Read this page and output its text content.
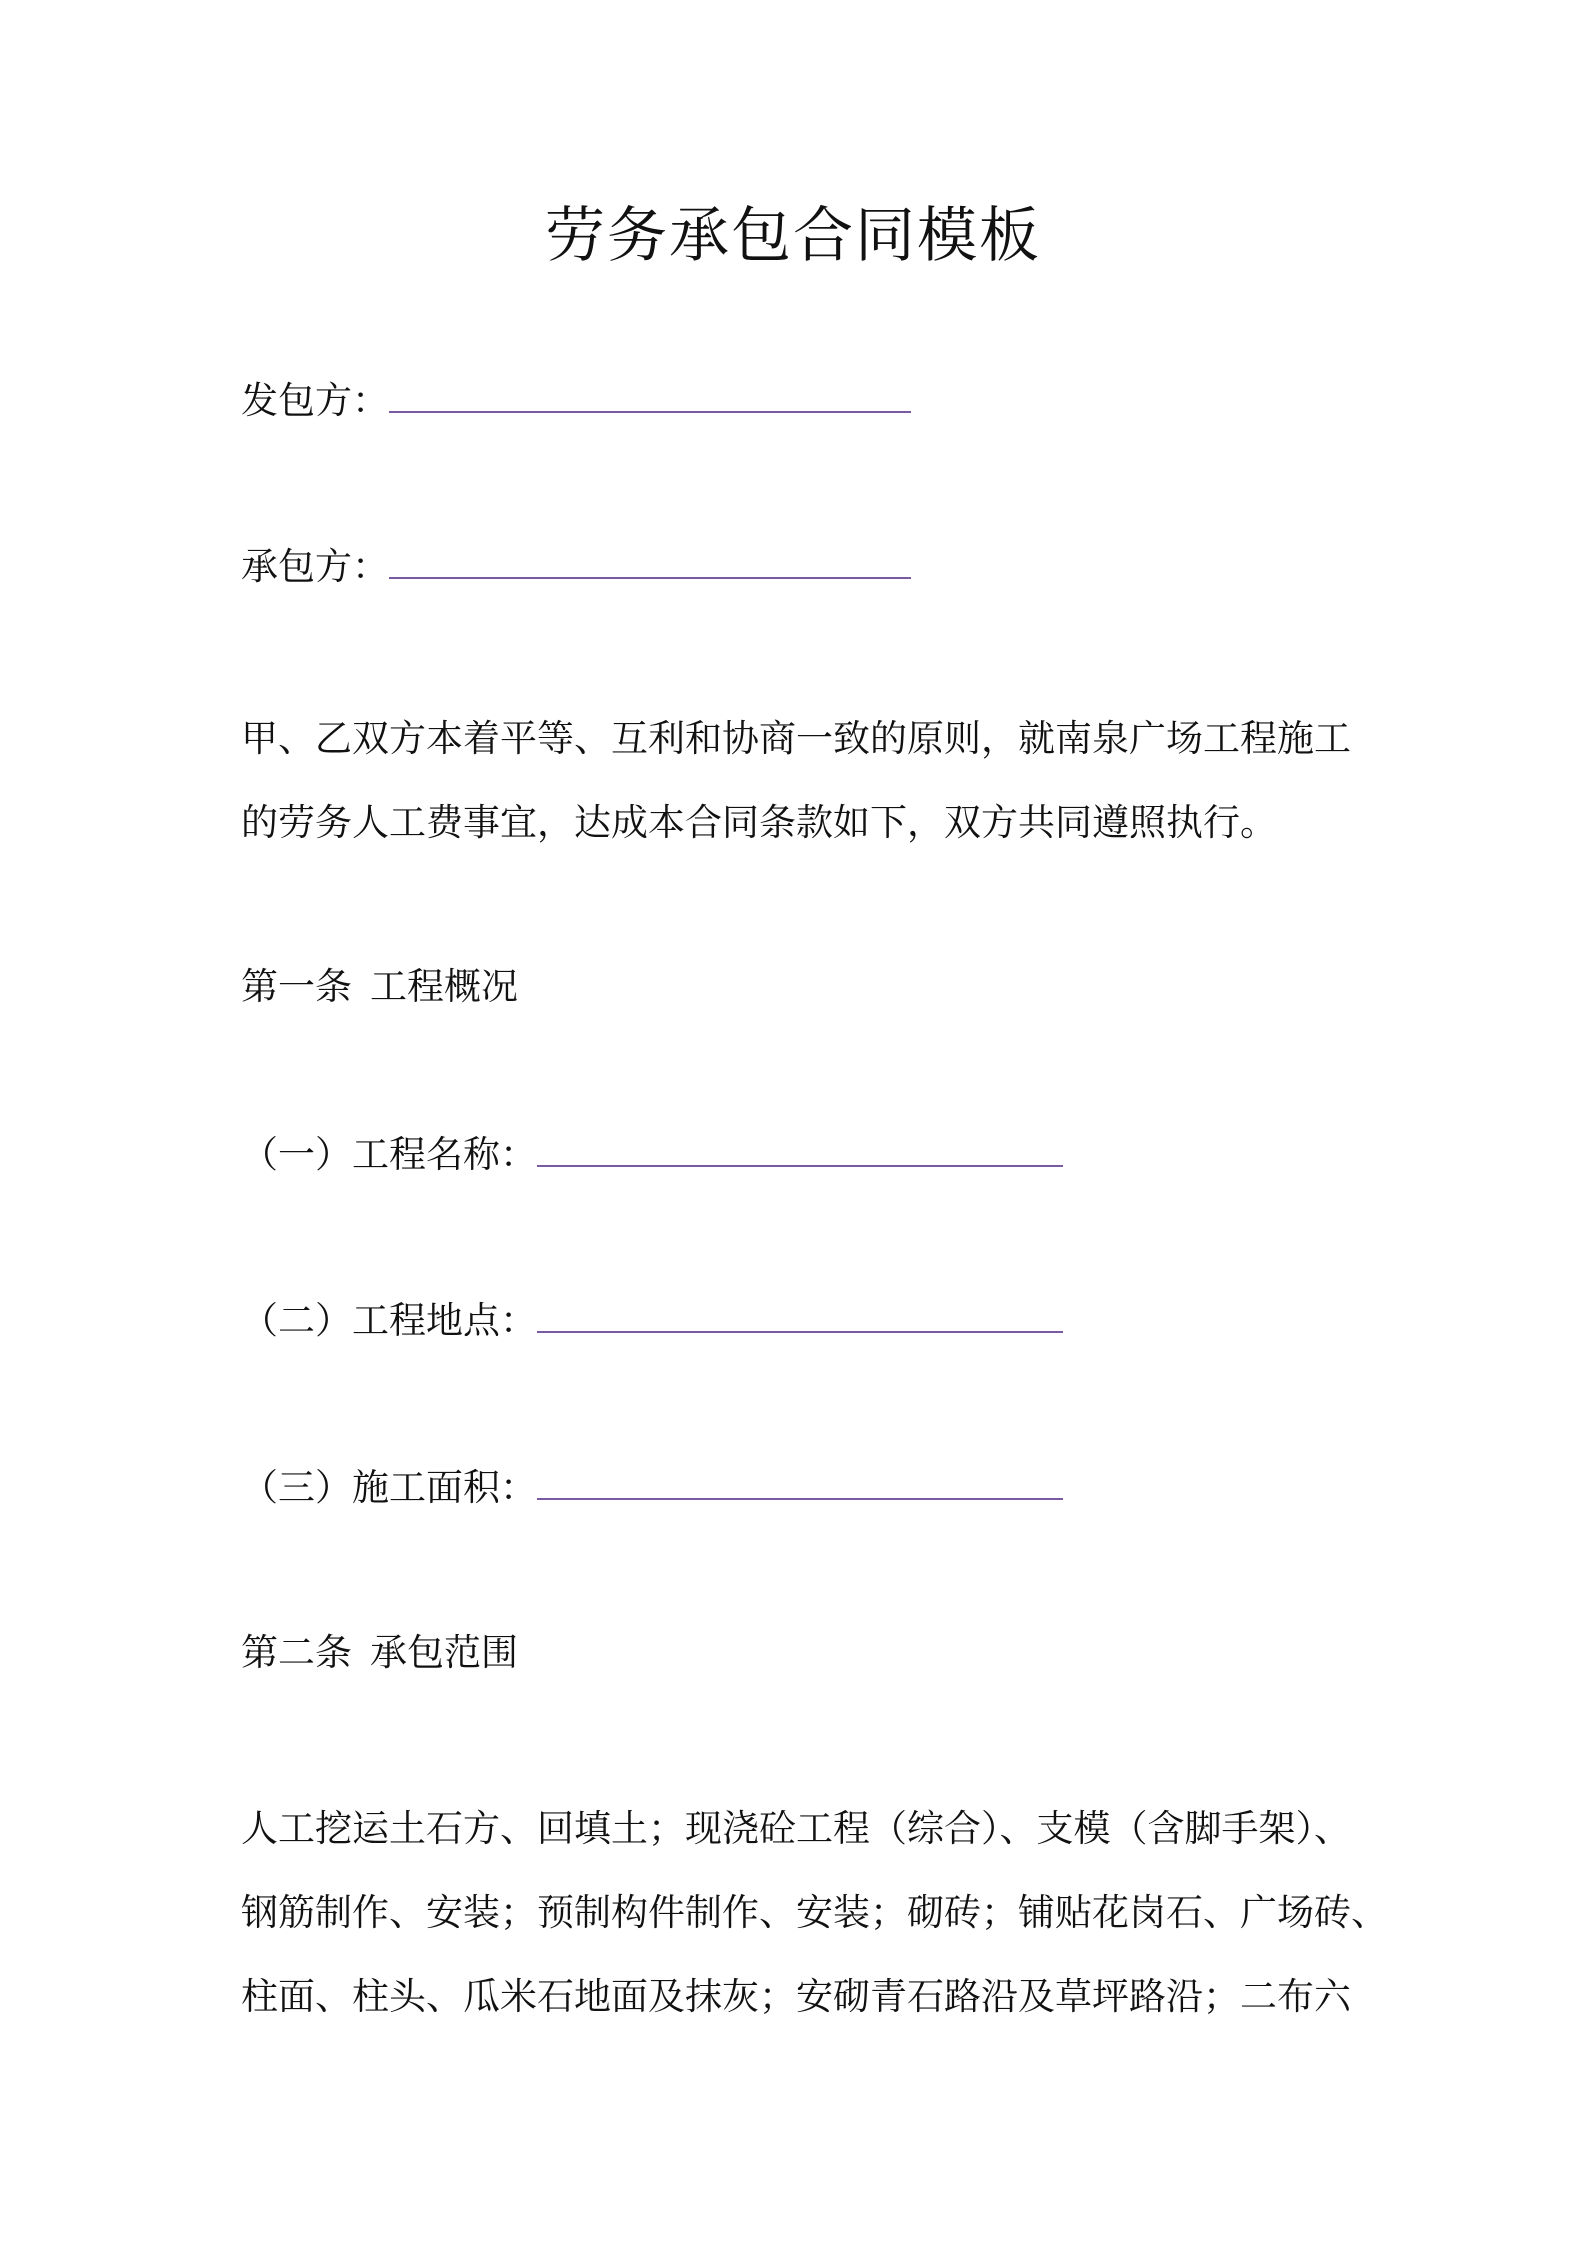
劳务承包合同模板
发包方：
承包方：

甲、乙双方本着平等、互利和协商一致的原则，就南泉广场工程施工
的劳务人工费事宜，达成本合同条款如下，双方共同遵照执行。

第一条 工程概况
（一）工程名称：
（二）工程地点：
（三）施工面积：
第二条 承包范围

人工挖运土石方、回填土；现浇砼工程（综合）、支模（含脚手架）、
钢筋制作、安装；预制构件制作、安装；砌砖；铺贴花岗石、广场砖、
柱面、柱头、瓜米石地面及抹灰；安砌青石路沿及草坪路沿；二布六
